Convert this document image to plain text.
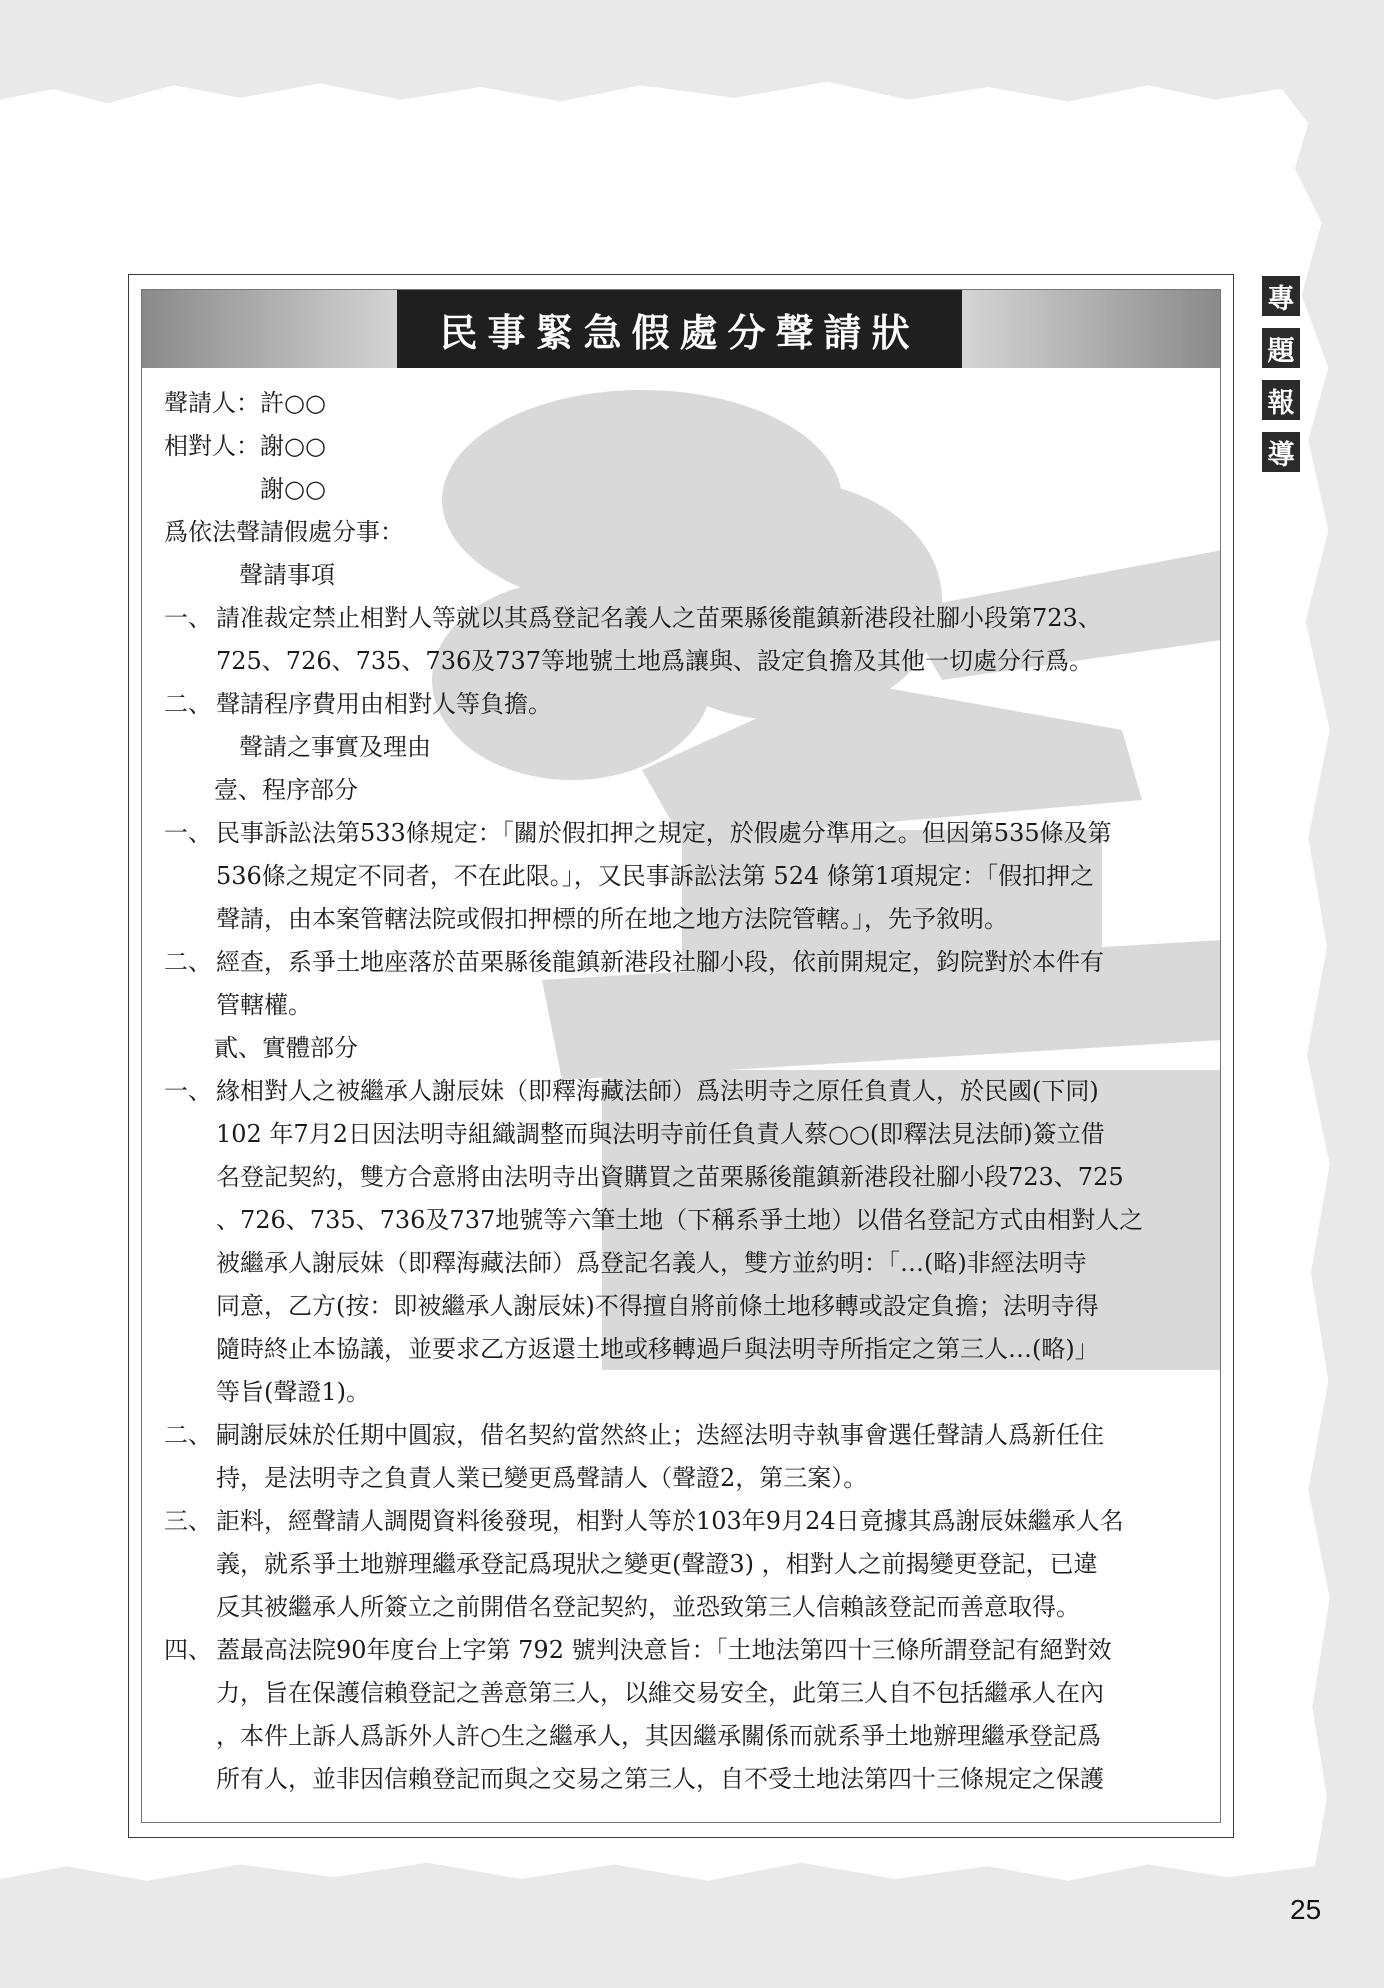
民事緊急假處分聲請狀
聲請人：許○○
相對人：謝○○
　　　　謝○○
爲依法聲請假處分事：
聲請事項
一、 請准裁定禁止相對人等就以其爲登記名義人之苗栗縣後龍鎮新港段社腳小段第723、
725、726、735、736及737等地號土地爲讓與、設定負擔及其他一切處分行爲。
二、 聲請程序費用由相對人等負擔。
聲請之事實及理由
壹、程序部分
一、 民事訴訟法第533條規定：「關於假扣押之規定，於假處分準用之。但因第535條及第
536條之規定不同者，不在此限。」，又民事訴訟法第 524 條第1項規定：「假扣押之
聲請，由本案管轄法院或假扣押標的所在地之地方法院管轄。」，先予敘明。
二、 經查，系爭土地座落於苗栗縣後龍鎮新港段社腳小段，依前開規定，鈞院對於本件有
管轄權。
貳、實體部分
一、 緣相對人之被繼承人謝辰妹（即釋海藏法師）爲法明寺之原任負責人，於民國(下同)
102 年7月2日因法明寺組織調整而與法明寺前任負責人蔡○○(即釋法見法師)簽立借
名登記契約，雙方合意將由法明寺出資購買之苗栗縣後龍鎮新港段社腳小段723、725
、726、735、736及737地號等六筆土地（下稱系爭土地）以借名登記方式由相對人之
被繼承人謝辰妹（即釋海藏法師）爲登記名義人，雙方並約明：「…(略)非經法明寺
同意，乙方(按：即被繼承人謝辰妹)不得擅自將前條土地移轉或設定負擔；法明寺得
隨時終止本協議，並要求乙方返還土地或移轉過戶與法明寺所指定之第三人…(略)」
等旨(聲證1)。
二、 嗣謝辰妹於任期中圓寂，借名契約當然終止；迭經法明寺執事會選任聲請人爲新任住
持，是法明寺之負責人業已變更爲聲請人（聲證2，第三案）。
三、 詎料，經聲請人調閱資料後發現，相對人等於103年9月24日竟據其爲謝辰妹繼承人名
義，就系爭土地辦理繼承登記爲現狀之變更(聲證3) ，相對人之前揭變更登記，已違
反其被繼承人所簽立之前開借名登記契約，並恐致第三人信賴該登記而善意取得。
四、 蓋最高法院90年度台上字第 792 號判決意旨：「土地法第四十三條所謂登記有絕對效
力，旨在保護信賴登記之善意第三人，以維交易安全，此第三人自不包括繼承人在內
，本件上訴人爲訴外人許○生之繼承人，其因繼承關係而就系爭土地辦理繼承登記爲
所有人，並非因信賴登記而與之交易之第三人，自不受土地法第四十三條規定之保護
專
題
報
導
25
